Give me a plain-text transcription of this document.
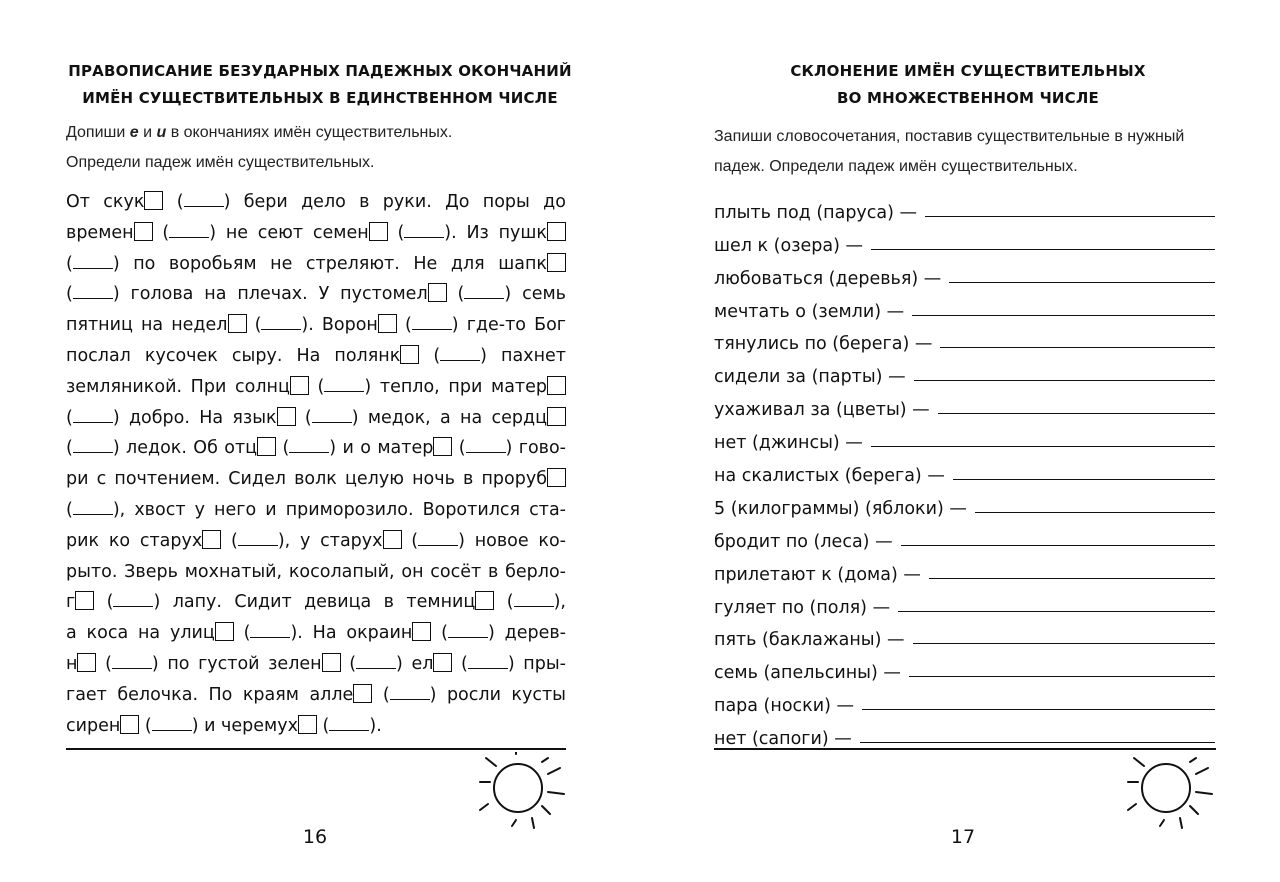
ПРАВОПИСАНИЕ БЕЗУДАРНЫХ ПАДЕЖНЫХ ОКОНЧАНИЙ
ИМЁН СУЩЕСТВИТЕЛЬНЫХ В ЕДИНСТВЕННОМ ЧИСЛЕ
Допиши е и и в окончаниях имён существительных.
Определи падеж имён существительных.
От скук ( ) бери дело в руки. До поры до
времен ( ) не сеют семен ( ). Из пушк
( ) по воробьям не стреляют. Не для шапк
( ) голова на плечах. У пустомел ( ) семь
пятниц на недел ( ). Ворон ( ) где-то Бог
послал кусочек сыру. На полянк ( ) пахнет
земляникой. При солнц ( ) тепло, при матер
( ) добро. На язык ( ) медок, а на сердц
( ) ледок. Об отц ( ) и о матер ( ) гово-
ри с почтением. Сидел волк целую ночь в проруб
( ), хвост у него и приморозило. Воротился ста-
рик ко старух ( ), у старух ( ) новое ко-
рыто. Зверь мохнатый, косолапый, он сосёт в берло-
г ( ) лапу. Сидит девица в темниц ( ),
а коса на улиц ( ). На окраин ( ) дерев-
н ( ) по густой зелен ( ) ел ( ) пры-
гает белочка. По краям алле ( ) росли кусты
сирен ( ) и черемух ( ).
16
СКЛОНЕНИЕ ИМЁН СУЩЕСТВИТЕЛЬНЫХ
ВО МНОЖЕСТВЕННОМ ЧИСЛЕ
Запиши словосочетания, поставив существительные в нужный
падеж. Определи падеж имён существительных.
плыть под (паруса) —
шел к (озера) —
любоваться (деревья) —
мечтать о (земли) —
тянулись по (берега) —
сидели за (парты) —
ухаживал за (цветы) —
нет (джинсы) —
на скалистых (берега) —
5 (килограммы) (яблоки) —
бродит по (леса) —
прилетают к (дома) —
гуляет по (поля) —
пять (баклажаны) —
семь (апельсины) —
пара (носки) —
нет (сапоги) —
17
